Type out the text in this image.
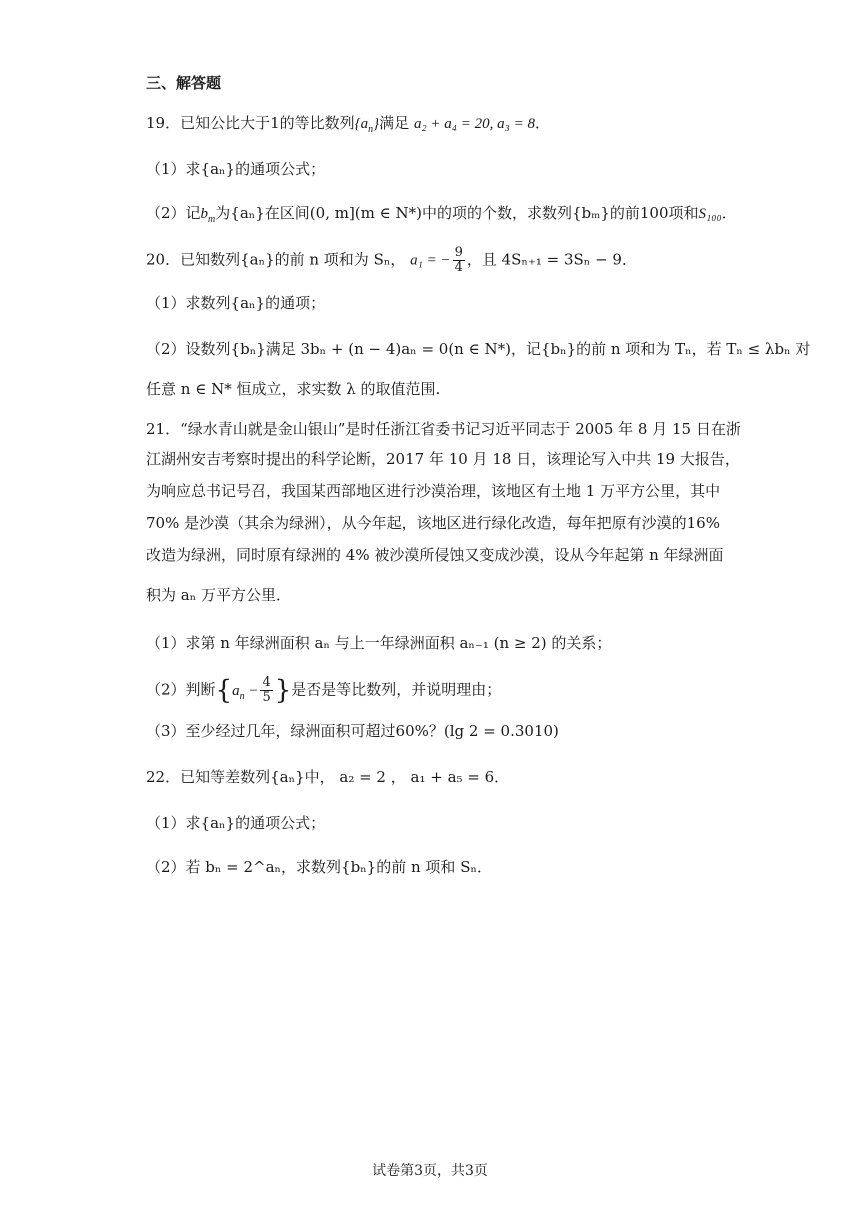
三、解答题
19．已知公比大于1的等比数列$\{a_n\}$满足 a₂ + a₄ = 20, a₃ = 8．
（1）求{aₙ}的通项公式；
（2）记$b_m$为{aₙ}在区间(0, m](m ∈ N*)中的项的个数，求数列{bₘ}的前100项和S₁₀₀．
20．已知数列{aₙ}的前 n 项和为 Sₙ， a₁ = − $\frac{9}{4}$ ，且 4Sₙ₊₁ = 3Sₙ − 9．
（1）求数列{aₙ}的通项；
（2）设数列{bₙ}满足 3bₙ + (n − 4)aₙ = 0(n ∈ N*)，记{bₙ}的前 n 项和为 Tₙ，若 Tₙ ≤ λbₙ 对
任意 n ∈ N* 恒成立，求实数 λ 的取值范围.
21．“绿水青山就是金山银山”是时任浙江省委书记习近平同志于 2005 年 8 月 15 日在浙
江湖州安吉考察时提出的科学论断，2017 年 10 月 18 日，该理论写入中共 19 大报告，
为响应总书记号召，我国某西部地区进行沙漠治理，该地区有土地 1 万平方公里，其中
70% 是沙漠（其余为绿洲），从今年起，该地区进行绿化改造，每年把原有沙漠的16%
改造为绿洲，同时原有绿洲的 4% 被沙漠所侵蚀又变成沙漠，设从今年起第 n 年绿洲面
积为 aₙ 万平方公里．
（1）求第 n 年绿洲面积 aₙ 与上一年绿洲面积 aₙ₋₁ (n ≥ 2) 的关系；
（2）判断{$a_n - \frac{4}{5}$ }是否是等比数列，并说明理由；
（3）至少经过几年，绿洲面积可超过60%？(lg 2 = 0.3010)
22．已知等差数列{aₙ}中， a₂ = 2 ， a₁ + a₅ = 6．
（1）求{aₙ}的通项公式；
（2）若 bₙ = 2^aₙ，求数列{bₙ}的前 n 项和 Sₙ．
试卷第3页，共3页
